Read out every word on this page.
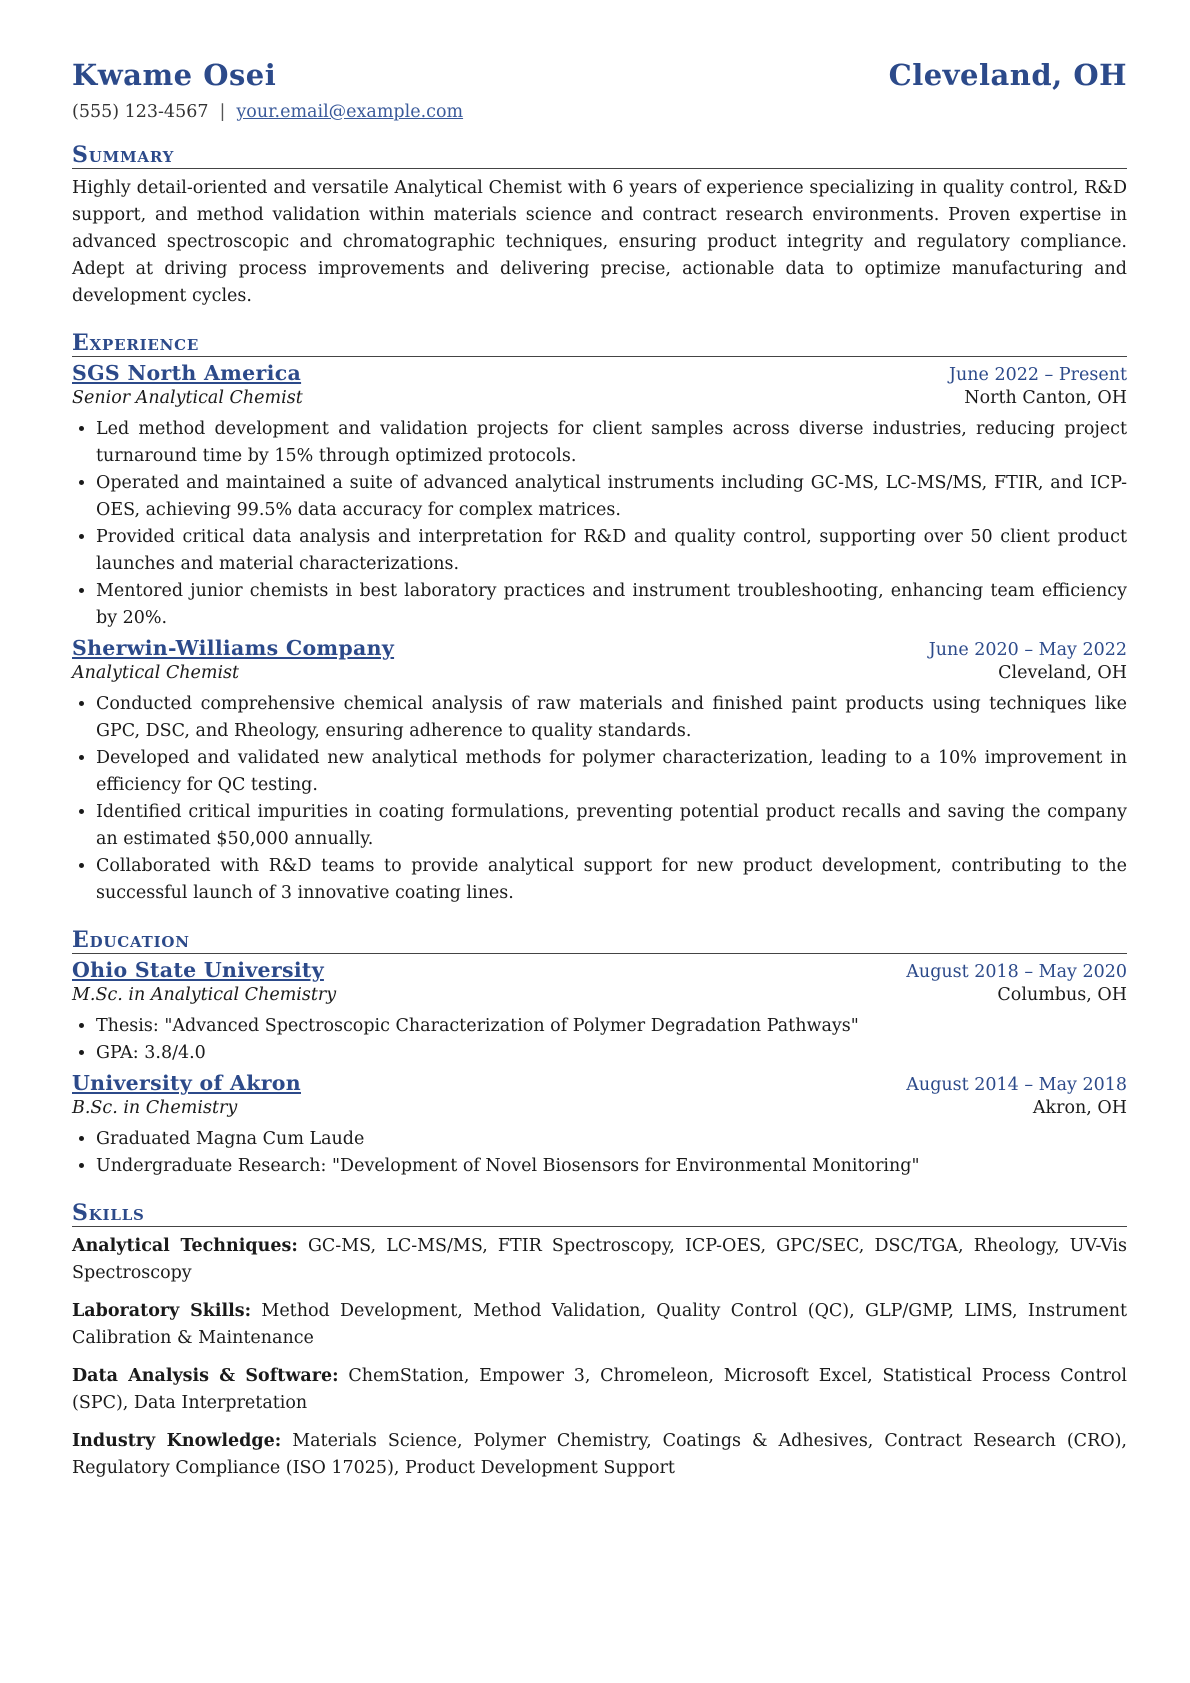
Kwame Osei	Cleveland, OH
(555) 123-4567 | your.email@example.com
Summary
Highly detail-oriented and versatile Analytical Chemist with 6 years of experience specializing in quality control, R&D support, and method validation within materials science and contract research environments. Proven expertise in advanced spectroscopic and chromatographic techniques, ensuring product integrity and regulatory compliance. Adept at driving process improvements and delivering precise, actionable data to optimize manufacturing and development cycles.
Experience
SGS North America	June 2022 – Present
Senior Analytical Chemist	North Canton, OH
• Led method development and validation projects for client samples across diverse industries, reducing project turnaround time by 15% through optimized protocols.
• Operated and maintained a suite of advanced analytical instruments including GC-MS, LC-MS/MS, FTIR, and ICP-OES, achieving 99.5% data accuracy for complex matrices.
• Provided critical data analysis and interpretation for R&D and quality control, supporting over 50 client product launches and material characterizations.
• Mentored junior chemists in best laboratory practices and instrument troubleshooting, enhancing team efficiency by 20%.
Sherwin-Williams Company	June 2020 – May 2022
Analytical Chemist	Cleveland, OH
• Conducted comprehensive chemical analysis of raw materials and finished paint products using techniques like GPC, DSC, and Rheology, ensuring adherence to quality standards.
• Developed and validated new analytical methods for polymer characterization, leading to a 10% improvement in efficiency for QC testing.
• Identified critical impurities in coating formulations, preventing potential product recalls and saving the company an estimated $50,000 annually.
• Collaborated with R&D teams to provide analytical support for new product development, contributing to the successful launch of 3 innovative coating lines.
Education
Ohio State University	August 2018 – May 2020
M.Sc. in Analytical Chemistry	Columbus, OH
• Thesis: "Advanced Spectroscopic Characterization of Polymer Degradation Pathways"
• GPA: 3.8/4.0
University of Akron	August 2014 – May 2018
B.Sc. in Chemistry	Akron, OH
• Graduated Magna Cum Laude
• Undergraduate Research: "Development of Novel Biosensors for Environmental Monitoring"
Skills
Analytical Techniques: GC-MS, LC-MS/MS, FTIR Spectroscopy, ICP-OES, GPC/SEC, DSC/TGA, Rheology, UV-Vis Spectroscopy
Laboratory Skills: Method Development, Method Validation, Quality Control (QC), GLP/GMP, LIMS, Instrument Calibration & Maintenance
Data Analysis & Software: ChemStation, Empower 3, Chromeleon, Microsoft Excel, Statistical Process Control (SPC), Data Interpretation
Industry Knowledge: Materials Science, Polymer Chemistry, Coatings & Adhesives, Contract Research (CRO), Regulatory Compliance (ISO 17025), Product Development Support
